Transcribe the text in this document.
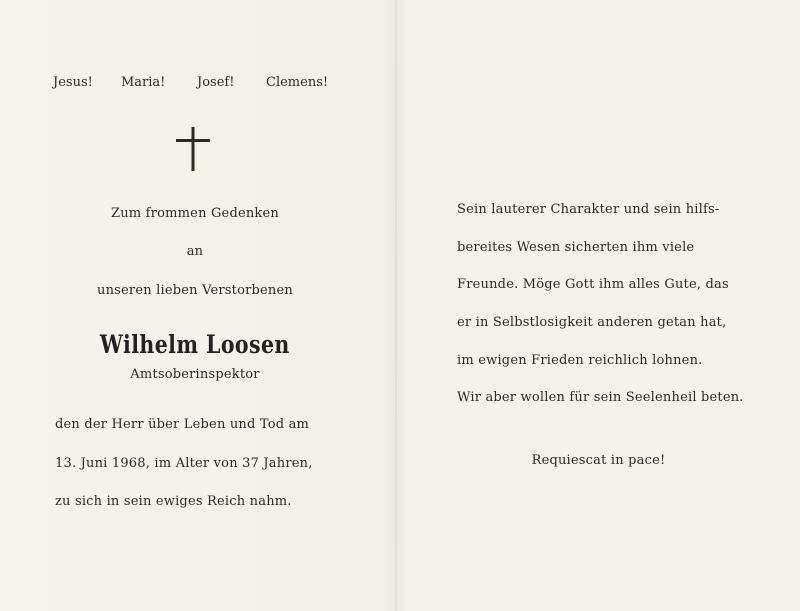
Jesus! Maria! Josef! Clemens!
Zum frommen Gedenken
an
unseren lieben Verstorbenen
Wilhelm Loosen
Amtsoberinspektor
den der Herr über Leben und Tod am
13. Juni 1968, im Alter von 37 Jahren,
zu sich in sein ewiges Reich nahm.
Sein lauterer Charakter und sein hilfs-
bereites Wesen sicherten ihm viele
Freunde. Möge Gott ihm alles Gute, das
er in Selbstlosigkeit anderen getan hat,
im ewigen Frieden reichlich lohnen.
Wir aber wollen für sein Seelenheil beten.
Requiescat in pace!
